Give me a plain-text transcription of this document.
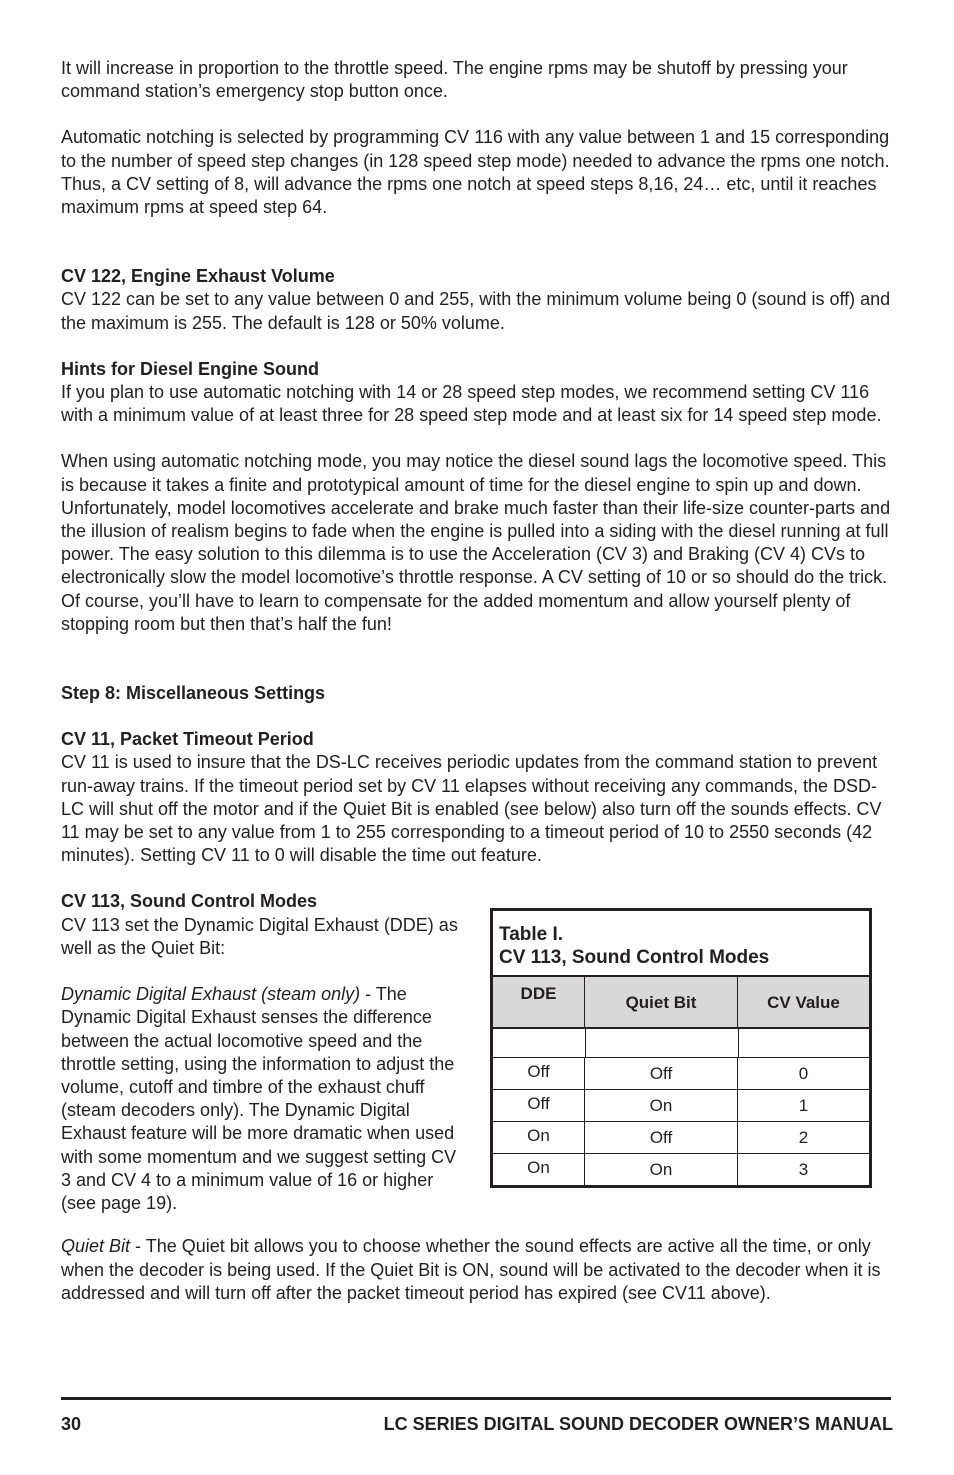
It will increase in proportion to the throttle speed. The engine rpms may be shutoff by pressing your command station’s emergency stop button once.

Automatic notching is selected by programming CV 116 with any value between 1 and 15 corresponding to the number of speed step changes (in 128 speed step mode) needed to advance the rpms one notch. Thus, a CV setting of 8, will advance the rpms one notch at speed steps 8,16, 24… etc, until it reaches maximum rpms at speed step 64.

CV 122, Engine Exhaust Volume

CV 122 can be set to any value between 0 and 255, with the minimum volume being 0 (sound is off) and the maximum is 255. The default is 128 or 50% volume.

Hints for Diesel Engine Sound

If you plan to use automatic notching with 14 or 28 speed step modes, we recommend setting CV 116 with a minimum value of at least three for 28 speed step mode and at least six for 14 speed step mode.

When using automatic notching mode, you may notice the diesel sound lags the locomotive speed. This is because it takes a finite and prototypical amount of time for the diesel engine to spin up and down. Unfortunately, model locomotives accelerate and brake much faster than their life-size counter-parts and the illusion of realism begins to fade when the engine is pulled into a siding with the diesel running at full power. The easy solution to this dilemma is to use the Acceleration (CV 3) and Braking (CV 4) CVs to electronically slow the model locomotive’s throttle response. A CV setting of 10 or so should do the trick. Of course, you’ll have to learn to compensate for the added momentum and allow yourself plenty of stopping room but then that’s half the fun!

Step 8: Miscellaneous Settings

CV 11, Packet Timeout Period

CV 11 is used to insure that the DS-LC receives periodic updates from the command station to prevent run-away trains. If the timeout period set by CV 11 elapses without receiving any commands, the DSD-LC will shut off the motor and if the Quiet Bit is enabled (see below) also turn off the sounds effects. CV 11 may be set to any value from 1 to 255 corresponding to a timeout period of 10 to 2550 seconds (42 minutes). Setting CV 11 to 0 will disable the time out feature.

CV 113, Sound Control Modes

CV 113 set the Dynamic Digital Exhaust (DDE) as well as the Quiet Bit:

Dynamic Digital Exhaust (steam only) - The Dynamic Digital Exhaust senses the difference between the actual locomotive speed and the throttle setting, using the information to adjust the volume, cutoff and timbre of the exhaust chuff (steam decoders only). The Dynamic Digital Exhaust feature will be more dramatic when used with some momentum and we suggest setting CV 3 and CV 4 to a minimum value of 16 or higher (see page 19).

Table I.
CV 113, Sound Control Modes
DDE	Quiet Bit	CV Value
Off	Off	0
Off	On	1
On	Off	2
On	On	3

Quiet Bit - The Quiet bit allows you to choose whether the sound effects are active all the time, or only when the decoder is being used. If the Quiet Bit is ON, sound will be activated to the decoder when it is addressed and will turn off after the packet timeout period has expired (see CV11 above).

30	LC SERIES DIGITAL SOUND DECODER OWNER’S MANUAL
